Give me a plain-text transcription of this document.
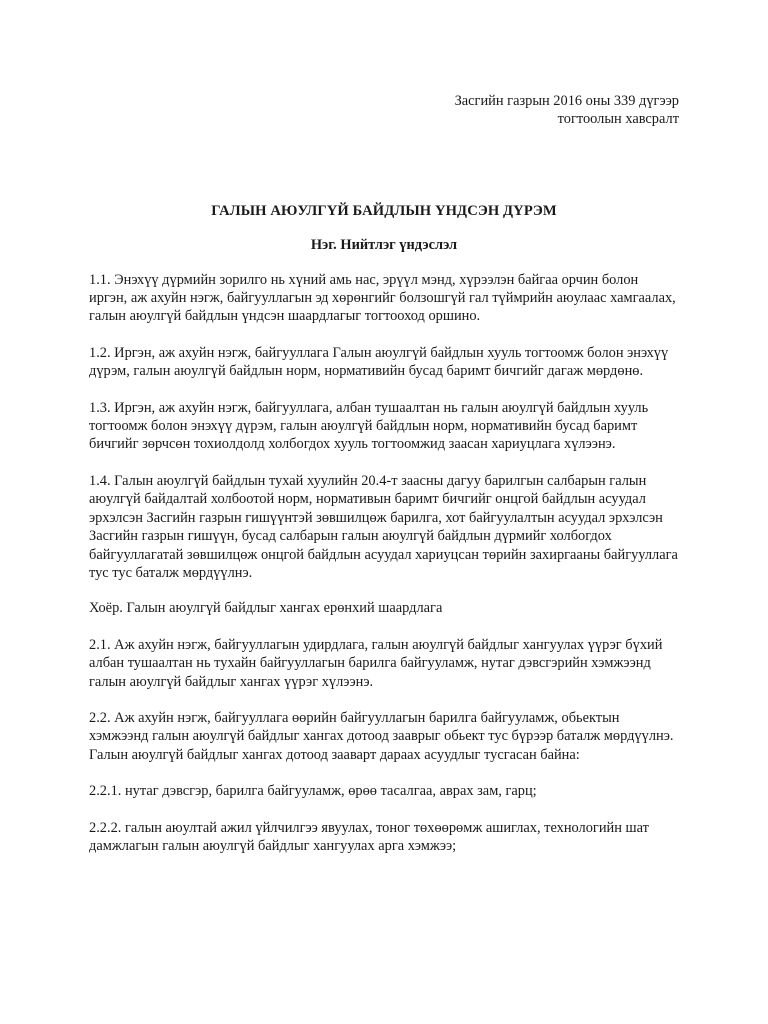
Засгийн газрын 2016 оны 339 дүгээр
тогтоолын хавсралт
ГАЛЫН АЮУЛГҮЙ БАЙДЛЫН ҮНДСЭН ДҮРЭМ
Нэг. Нийтлэг үндэслэл

1.1. Энэхүү дүрмийн зорилго нь хүний амь нас, эрүүл мэнд, хүрээлэн байгаа орчин болон иргэн, аж ахуйн нэгж, байгууллагын эд хөрөнгийг болзошгүй гал түймрийн аюулаас хамгаалах, галын аюулгүй байдлын үндсэн шаардлагыг тогтооход оршино.

1.2. Иргэн, аж ахуйн нэгж, байгууллага Галын аюулгүй байдлын хууль тогтоомж болон энэхүү дүрэм, галын аюулгүй байдлын норм, нормативийн бусад баримт бичгийг дагаж мөрдөнө.

1.3. Иргэн, аж ахуйн нэгж, байгууллага, албан тушаалтан нь галын аюулгүй байдлын хууль тогтоомж болон энэхүү дүрэм, галын аюулгүй байдлын норм, нормативийн бусад баримт бичгийг зөрчсөн тохиолдолд холбогдох хууль тогтоомжид заасан хариуцлага хүлээнэ.

1.4. Галын аюулгүй байдлын тухай хуулийн 20.4-т заасны дагуу барилгын салбарын галын аюулгүй байдалтай холбоотой норм, нормативын баримт бичгийг онцгой байдлын асуудал эрхэлсэн Засгийн газрын гишүүнтэй зөвшилцөж барилга, хот байгуулалтын асуудал эрхэлсэн Засгийн газрын гишүүн, бусад салбарын галын аюулгүй байдлын дүрмийг холбогдох байгууллагатай зөвшилцөж онцгой байдлын асуудал хариуцсан төрийн захиргааны байгууллага тус тус баталж мөрдүүлнэ.

Хоёр. Галын аюулгүй байдлыг хангах ерөнхий шаардлага

2.1. Аж ахуйн нэгж, байгууллагын удирдлага, галын аюулгүй байдлыг хангуулах үүрэг бүхий албан тушаалтан нь тухайн байгууллагын барилга байгууламж, нутаг дэвсгэрийн хэмжээнд галын аюулгүй байдлыг хангах үүрэг хүлээнэ.

2.2. Аж ахуйн нэгж, байгууллага өөрийн байгууллагын барилга байгууламж, обьектын хэмжээнд галын аюулгүй байдлыг хангах дотоод зааврыг обьект тус бүрээр баталж мөрдүүлнэ. Галын аюулгүй байдлыг хангах дотоод зааварт дараах асуудлыг тусгасан байна:

2.2.1. нутаг дэвсгэр, барилга байгууламж, өрөө тасалгаа, аврах зам, гарц;

2.2.2. галын аюултай ажил үйлчилгээ явуулах, тоног төхөөрөмж ашиглах, технологийн шат дамжлагын галын аюулгүй байдлыг хангуулах арга хэмжээ;
